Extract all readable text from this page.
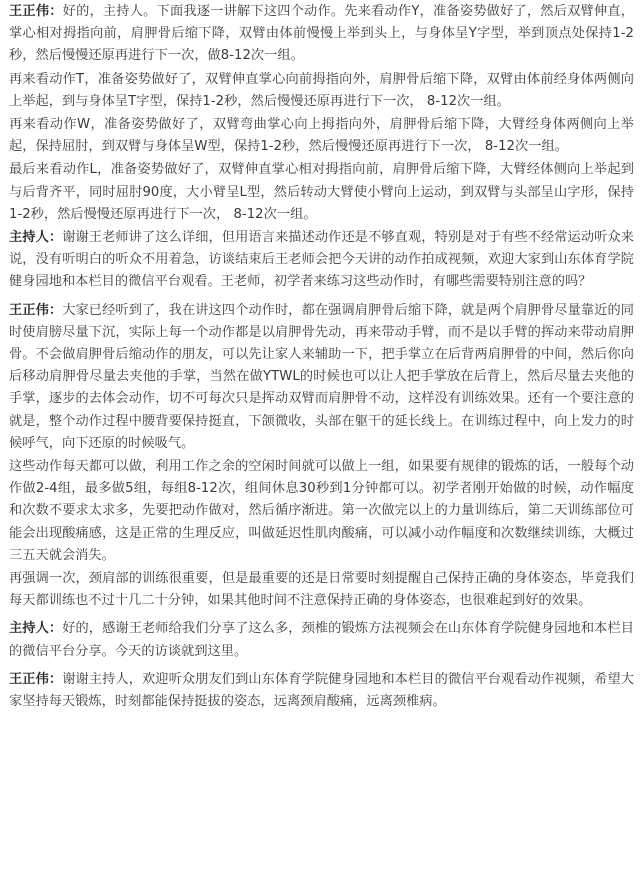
王正伟：好的，主持人。下面我逐一讲解下这四个动作。先来看动作Y，准备姿势做好了，然后双臂伸直，掌心相对拇指向前，肩胛骨后缩下降，双臂由体前慢慢上举到头上，与身体呈Y字型，举到顶点处保持1-2秒，然后慢慢还原再进行下一次，做8-12次一组。

再来看动作T，准备姿势做好了，双臂伸直掌心向前拇指向外，肩胛骨后缩下降，双臂由体前经身体两侧向上举起，到与身体呈T字型，保持1-2秒，然后慢慢还原再进行下一次， 8-12次一组。

再来看动作W，准备姿势做好了，双臂弯曲掌心向上拇指向外，肩胛骨后缩下降，大臂经身体两侧向上举起，保持屈肘，到双臂与身体呈W型，保持1-2秒，然后慢慢还原再进行下一次， 8-12次一组。

最后来看动作L，准备姿势做好了，双臂伸直掌心相对拇指向前，肩胛骨后缩下降，大臂经体侧向上举起到与后背齐平，同时屈肘90度，大小臂呈L型，然后转动大臂使小臂向上运动，到双臂与头部呈山字形，保持1-2秒，然后慢慢还原再进行下一次， 8-12次一组。

主持人：谢谢王老师讲了这么详细，但用语言来描述动作还是不够直观，特别是对于有些不经常运动听众来说，没有听明白的听众不用着急，访谈结束后王老师会把今天讲的动作拍成视频，欢迎大家到山东体育学院健身园地和本栏目的微信平台观看。王老师，初学者来练习这些动作时，有哪些需要特别注意的吗？

王正伟：大家已经听到了，我在讲这四个动作时，都在强调肩胛骨后缩下降，就是两个肩胛骨尽量靠近的同时使肩膀尽量下沉，实际上每一个动作都是以肩胛骨先动，再来带动手臂，而不是以手臂的挥动来带动肩胛骨。不会做肩胛骨后缩动作的朋友，可以先让家人来辅助一下，把手掌立在后背两肩胛骨的中间，然后你向后移动肩胛骨尽量去夹他的手掌，当然在做YTWL的时候也可以让人把手掌放在后背上，然后尽量去夹他的手掌，逐步的去体会动作，切不可每次只是挥动双臂而肩胛骨不动，这样没有训练效果。还有一个要注意的就是，整个动作过程中腰背要保持挺直，下颌微收，头部在躯干的延长线上。在训练过程中，向上发力的时候呼气，向下还原的时候吸气。

这些动作每天都可以做，利用工作之余的空闲时间就可以做上一组，如果要有规律的锻炼的话，一般每个动作做2-4组，最多做5组，每组8-12次，组间休息30秒到1分钟都可以。初学者刚开始做的时候，动作幅度和次数不要求太求多，先要把动作做对，然后循序渐进。第一次做完以上的力量训练后，第二天训练部位可能会出现酸痛感，这是正常的生理反应，叫做延迟性肌肉酸痛，可以减小动作幅度和次数继续训练，大概过三五天就会消失。

再强调一次，颈肩部的训练很重要，但是最重要的还是日常要时刻提醒自己保持正确的身体姿态，毕竟我们每天都训练也不过十几二十分钟，如果其他时间不注意保持正确的身体姿态，也很难起到好的效果。

主持人：好的，感谢王老师给我们分享了这么多，颈椎的锻炼方法视频会在山东体育学院健身园地和本栏目的微信平台分享。今天的访谈就到这里。

王正伟：谢谢主持人，欢迎听众朋友们到山东体育学院健身园地和本栏目的微信平台观看动作视频，希望大家坚持每天锻炼，时刻都能保持挺拔的姿态，远离颈肩酸痛，远离颈椎病。
